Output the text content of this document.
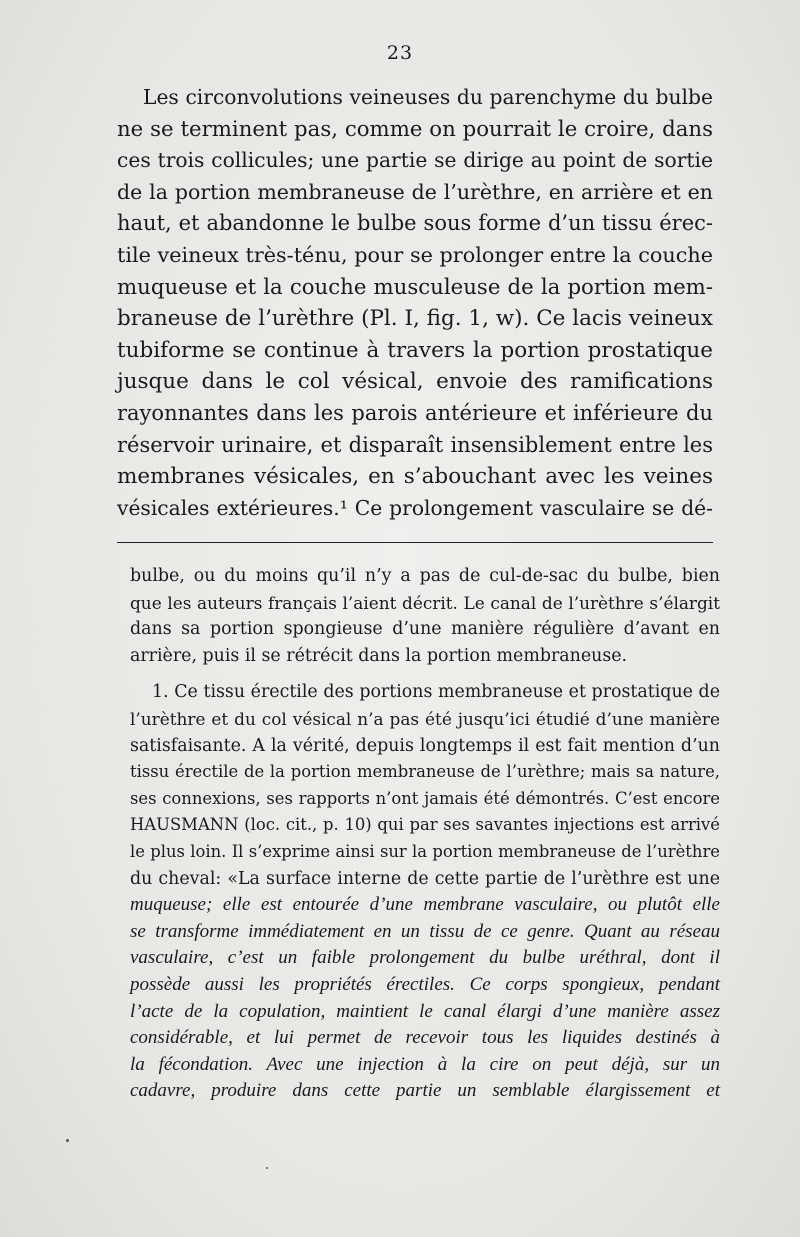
23
Les circonvolutions veineuses du parenchyme du bulbe
ne se terminent pas, comme on pourrait le croire, dans
ces trois collicules; une partie se dirige au point de sortie
de la portion membraneuse de l’urèthre, en arrière et en
haut, et abandonne le bulbe sous forme d’un tissu érec-
tile veineux très-ténu, pour se prolonger entre la couche
muqueuse et la couche musculeuse de la portion mem-
braneuse de l’urèthre (Pl. I, fig. 1, w). Ce lacis veineux
tubiforme se continue à travers la portion prostatique
jusque dans le col vésical, envoie des ramifications
rayonnantes dans les parois antérieure et inférieure du
réservoir urinaire, et disparaît insensiblement entre les
membranes vésicales, en s’abouchant avec les veines
vésicales extérieures.¹ Ce prolongement vasculaire se dé-
bulbe, ou du moins qu’il n’y a pas de cul-de-sac du bulbe, bien
que les auteurs français l’aient décrit. Le canal de l’urèthre s’élargit
dans sa portion spongieuse d’une manière régulière d’avant en
arrière, puis il se rétrécit dans la portion membraneuse.
1. Ce tissu érectile des portions membraneuse et prostatique de
l’urèthre et du col vésical n’a pas été jusqu’ici étudié d’une manière
satisfaisante. A la vérité, depuis longtemps il est fait mention d’un
tissu érectile de la portion membraneuse de l’urèthre; mais sa nature,
ses connexions, ses rapports n’ont jamais été démontrés. C’est encore
HAUSMANN (loc. cit., p. 10) qui par ses savantes injections est arrivé
le plus loin. Il s’exprime ainsi sur la portion membraneuse de l’urèthre
du cheval: «La surface interne de cette partie de l’urèthre est une
muqueuse; elle est entourée d’une membrane vasculaire, ou plutôt elle
se transforme immédiatement en un tissu de ce genre. Quant au réseau
vasculaire, c’est un faible prolongement du bulbe uréthral, dont il
possède aussi les propriétés érectiles. Ce corps spongieux, pendant
l’acte de la copulation, maintient le canal élargi d’une manière assez
considérable, et lui permet de recevoir tous les liquides destinés à
la fécondation. Avec une injection à la cire on peut déjà, sur un
cadavre, produire dans cette partie un semblable élargissement et
